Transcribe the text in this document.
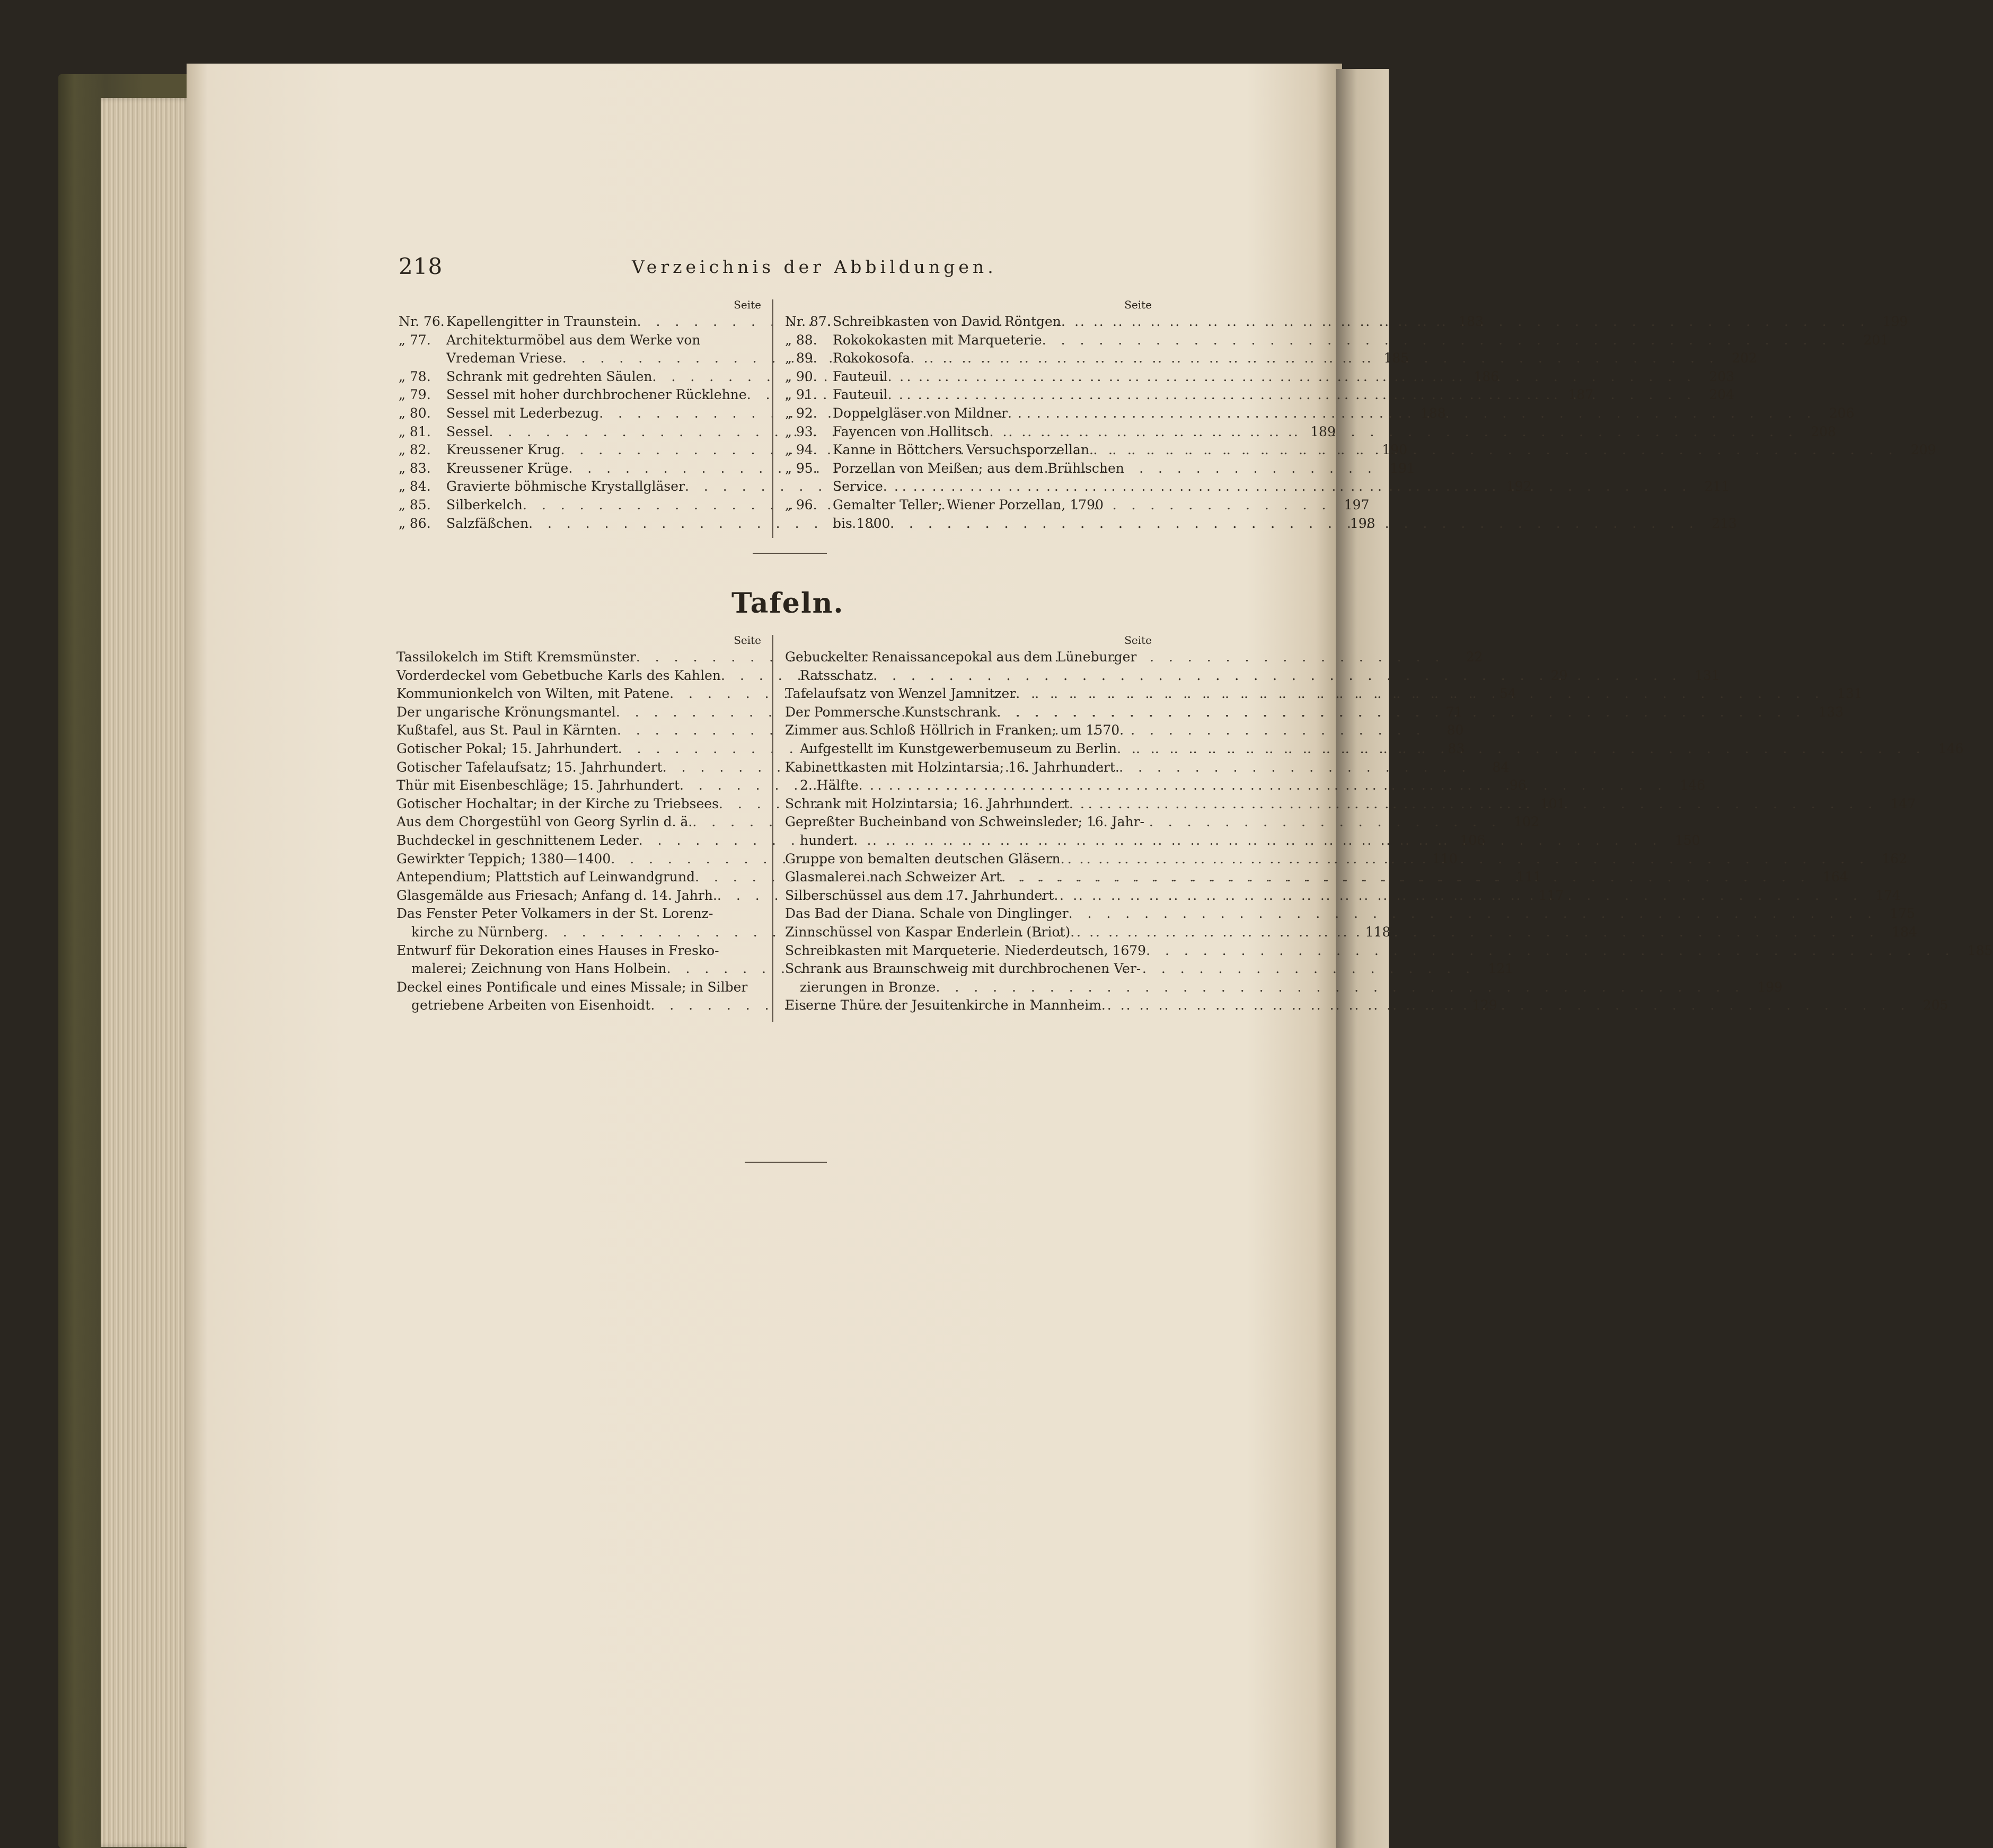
218	Verzeichnis der Abbildungen.
Seite
Nr. 76. Kapellengitter in Traunstein . . .	183
„ 77.	Architekturmöbel aus dem Werke von
Vredeman Vriese . . .	185
„ 78.	Schrank mit gedrehten Säulen . . .	186
„ 79.	Sessel mit hoher durchbrochener Rücklehne . . .	187
„ 80.	Sessel mit Lederbezug . . .	188
„ 81.	Sessel . . .	189
„ 82.	Kreussener Krug . . .	190
„ 83.	Kreussener Krüge . . .	191
„ 84.	Gravierte böhmische Krystallgläser . . .	192
„ 85.	Silberkelch . . .	197
„ 86.	Salzfäßchen . . .	198
Seite
Nr. 87. Schreibkasten von David Röntgen . . .	199
„ 88.	Rokokokasten mit Marqueterie . . .	201
„ 89.	Rokokosofa . . .	202
„ 90.	Fauteuil . . .	203
„ 91.	Fauteuil . . .	204
„ 92.	Doppelgläser von Mildner . . .	206
„ 93.	Fayencen von Hollitsch . . .	208
„ 94.	Kanne in Böttchers Versuchsporzellan . . .	209
„ 95.	Porzellan von Meißen; aus dem Brühlschen
Service . . .	211
„ 96.	Gemalter Teller; Wiener Porzellan, 1790
bis 1800 . . .	213
Tafeln.
Seite
Tassilokelch im Stift Kremsmünster . . .	22
Vorderdeckel vom Gebetbuche Karls des Kahlen . . .	29
Kommunionkelch von Wilten, mit Patene . . .	54
Der ungarische Krönungsmantel . . .	71
Kußtafel, aus St. Paul in Kärnten . . .	80
Gotischer Pokal; 15. Jahrhundert . . .	83
Gotischer Tafelaufsatz; 15. Jahrhundert . . .	84
Thür mit Eisenbeschläge; 15. Jahrhundert . . .	96
Gotischer Hochaltar; in der Kirche zu Triebsees . . .	101
Aus dem Chorgestühl von Georg Syrlin d. ä. . . .	102
Buchdeckel in geschnittenem Leder . . .	106
Gewirkter Teppich; 1380—1400 . . .	110
Antependium; Plattstich auf Leinwandgrund . . .	111
Glasgemälde aus Friesach; Anfang d. 14. Jahrh. . . .	117
Das Fenster Peter Volkamers in der St. Lorenz-
kirche zu Nürnberg . . .	118
Entwurf für Dekoration eines Hauses in Fresko-
malerei; Zeichnung von Hans Holbein . . .	121
Deckel eines Pontificale und eines Missale; in Silber
getriebene Arbeiten von Eisenhoidt . . .	129
Seite
Gebuckelter Renaissancepokal aus dem Lüneburger
Ratsschatz . . .	131
Tafelaufsatz von Wenzel Jamnitzer . . .	131
Der Pommersche Kunstschrank . . .	133
Zimmer aus Schloß Höllrich in Franken; um 1570.
Aufgestellt im Kunstgewerbemuseum zu Berlin . . .	146
Kabinettkasten mit Holzintarsia; 16. Jahrhundert.
2. Hälfte . . .	146
Schrank mit Holzintarsia; 16. Jahrhundert . . .	147
Gepreßter Bucheinband von Schweinsleder; 16. Jahr-
hundert . . .	150
Gruppe von bemalten deutschen Gläsern . . .	162
Glasmalerei nach Schweizer Art . . .	164
Silberschüssel aus dem 17. Jahrhundert . . .	174
Das Bad der Diana. Schale von Dinglinger . . .	175
Zinnschüssel von Kaspar Enderlein (Briot) . . .	184
Schreibkasten mit Marqueterie. Niederdeutsch, 1679 . . .	185
Schrank aus Braunschweig mit durchbrochenen Ver-
zierungen in Bronze . . .	199
Eiserne Thüre der Jesuitenkirche in Mannheim . . .	205
